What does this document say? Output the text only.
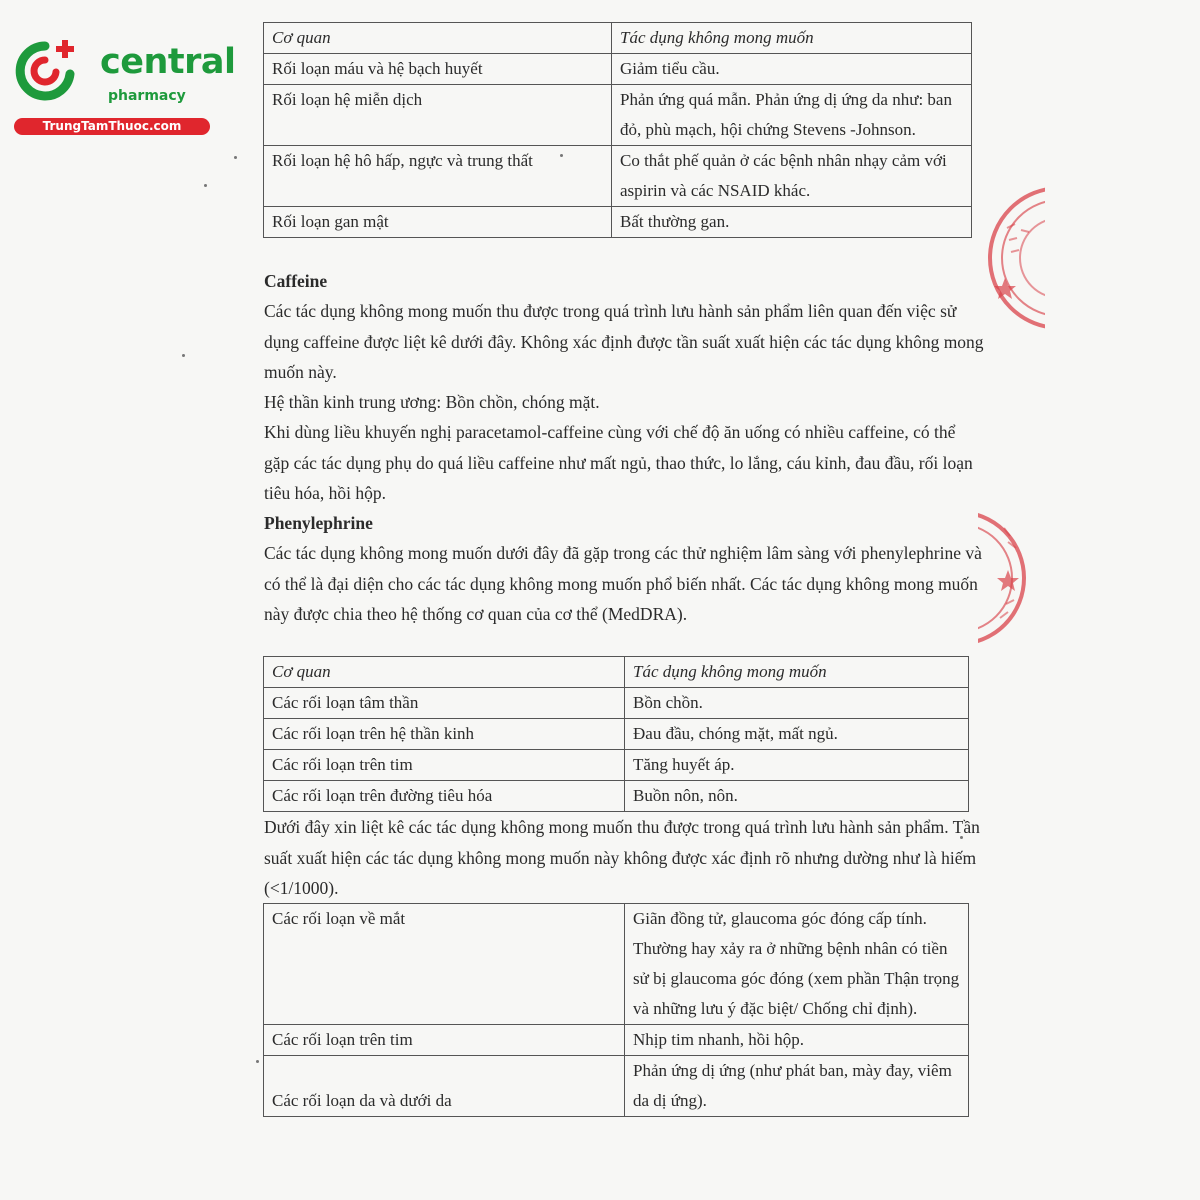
central
pharmacy
TrungTamThuoc.com
Cơ quan	Tác dụng không mong muốn
Rối loạn máu và hệ bạch huyết	Giảm tiểu cầu.
Rối loạn hệ miễn dịch	Phản ứng quá mẫn. Phản ứng dị ứng da như: ban đỏ, phù mạch, hội chứng Stevens -Johnson.
Rối loạn hệ hô hấp, ngực và trung thất	Co thắt phế quản ở các bệnh nhân nhạy cảm với aspirin và các NSAID khác.
Rối loạn gan mật	Bất thường gan.

Caffeine

Các tác dụng không mong muốn thu được trong quá trình lưu hành sản phẩm liên quan đến việc sử dụng caffeine được liệt kê dưới đây. Không xác định được tần suất xuất hiện các tác dụng không mong muốn này.

Hệ thần kinh trung ương: Bồn chồn, chóng mặt.

Khi dùng liều khuyến nghị paracetamol-caffeine cùng với chế độ ăn uống có nhiều caffeine, có thể gặp các tác dụng phụ do quá liều caffeine như mất ngủ, thao thức, lo lắng, cáu kỉnh, đau đầu, rối loạn tiêu hóa, hồi hộp.

Phenylephrine

Các tác dụng không mong muốn dưới đây đã gặp trong các thử nghiệm lâm sàng với phenylephrine và có thể là đại diện cho các tác dụng không mong muốn phổ biến nhất. Các tác dụng không mong muốn này được chia theo hệ thống cơ quan của cơ thể (MedDRA).

Cơ quan	Tác dụng không mong muốn
Các rối loạn tâm thần	Bồn chồn.
Các rối loạn trên hệ thần kinh	Đau đầu, chóng mặt, mất ngủ.
Các rối loạn trên tim	Tăng huyết áp.
Các rối loạn trên đường tiêu hóa	Buồn nôn, nôn.

Dưới đây xin liệt kê các tác dụng không mong muốn thu được trong quá trình lưu hành sản phẩm. Tần suất xuất hiện các tác dụng không mong muốn này không được xác định rõ nhưng dường như là hiếm (<1/1000).

Các rối loạn về mắt	Giãn đồng tử, glaucoma góc đóng cấp tính. Thường hay xảy ra ở những bệnh nhân có tiền sử bị glaucoma góc đóng (xem phần Thận trọng và những lưu ý đặc biệt/ Chống chỉ định).
Các rối loạn trên tim	Nhịp tim nhanh, hồi hộp.
Các rối loạn da và dưới da	Phản ứng dị ứng (như phát ban, mày đay, viêm da dị ứng).
